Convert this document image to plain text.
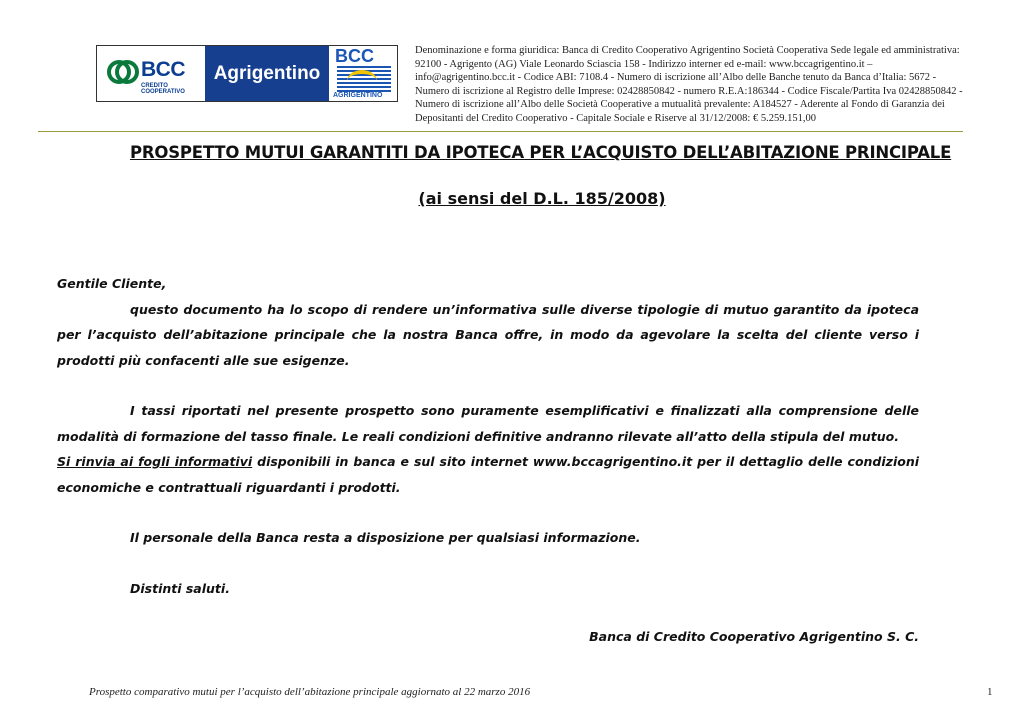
BCC
CREDITO COOPERATIVO
Agrigentino
BCC
AGRIGENTINO
Denominazione e forma giuridica: Banca di Credito Cooperativo Agrigentino Società Cooperativa Sede legale ed amministrativa:
92100 - Agrigento (AG) Viale Leonardo Sciascia 158 - Indirizzo interner ed e-mail: www.bccagrigentino.it –
info@agrigentino.bcc.it - Codice ABI: 7108.4 - Numero di iscrizione all’Albo delle Banche tenuto da Banca d’Italia: 5672 -
Numero di iscrizione al Registro delle Imprese: 02428850842 - numero R.E.A:186344 - Codice Fiscale/Partita Iva 02428850842 -
Numero di iscrizione all’Albo delle Società Cooperative a mutualità prevalente: A184527 - Aderente al Fondo di Garanzia dei
Depositanti del Credito Cooperativo - Capitale Sociale e Riserve al 31/12/2008: € 5.259.151,00
PROSPETTO MUTUI GARANTITI DA IPOTECA PER L’ACQUISTO DELL’ABITAZIONE PRINCIPALE
(ai sensi del D.L. 185/2008)

Gentile Cliente,

questo documento ha lo scopo di rendere un’informativa sulle diverse tipologie di mutuo garantito da ipoteca per l’acquisto dell’abitazione principale che la nostra Banca offre, in modo da agevolare la scelta del cliente verso i prodotti più confacenti alle sue esigenze.

I tassi riportati nel presente prospetto sono puramente esemplificativi e finalizzati alla comprensione delle modalità di formazione del tasso finale. Le reali condizioni definitive andranno rilevate all’atto della stipula del mutuo.

Si rinvia ai fogli informativi disponibili in banca e sul sito internet www.bccagrigentino.it per il dettaglio delle condizioni economiche e contrattuali riguardanti i prodotti.

Il personale della Banca resta a disposizione per qualsiasi informazione.

Distinti saluti.

Banca di Credito Cooperativo Agrigentino S. C.
Prospetto comparativo mutui per l’acquisto dell’abitazione principale aggiornato al 22 marzo 2016	1
